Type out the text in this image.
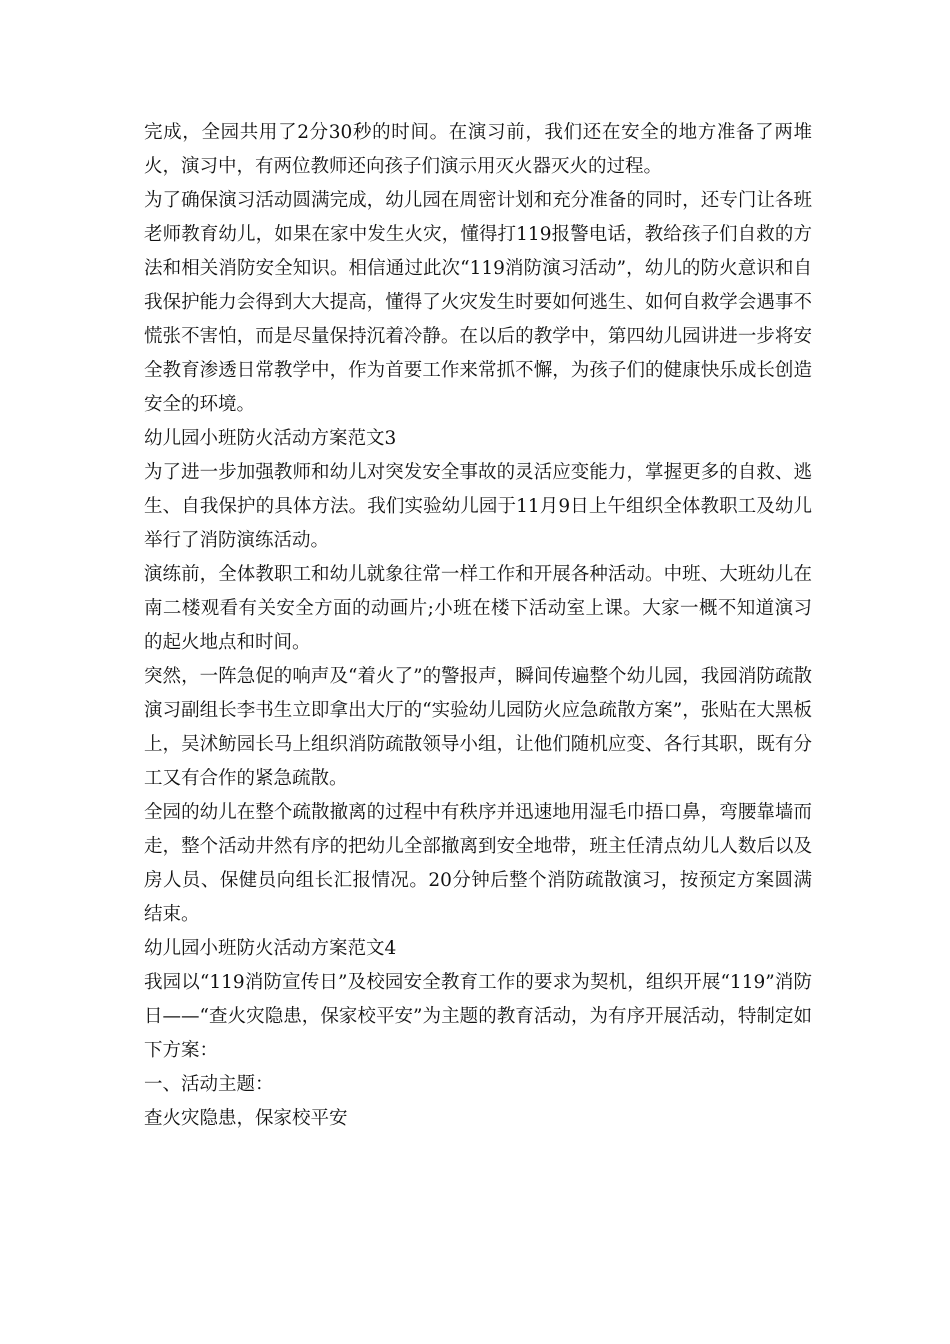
完成，全园共用了2分30秒的时间。在演习前，我们还在安全的地方准备了两堆火，演习中，有两位教师还向孩子们演示用灭火器灭火的过程。

为了确保演习活动圆满完成，幼儿园在周密计划和充分准备的同时，还专门让各班老师教育幼儿，如果在家中发生火灾，懂得打119报警电话，教给孩子们自救的方法和相关消防安全知识。相信通过此次“119消防演习活动”，幼儿的防火意识和自我保护能力会得到大大提高，懂得了火灾发生时要如何逃生、如何自救学会遇事不慌张不害怕，而是尽量保持沉着冷静。在以后的教学中，第四幼儿园讲进一步将安全教育渗透日常教学中，作为首要工作来常抓不懈，为孩子们的健康快乐成长创造安全的环境。

幼儿园小班防火活动方案范文3

为了进一步加强教师和幼儿对突发安全事故的灵活应变能力，掌握更多的自救、逃生、自我保护的具体方法。我们实验幼儿园于11月9日上午组织全体教职工及幼儿举行了消防演练活动。

演练前，全体教职工和幼儿就象往常一样工作和开展各种活动。中班、大班幼儿在南二楼观看有关安全方面的动画片;小班在楼下活动室上课。大家一概不知道演习的起火地点和时间。

突然，一阵急促的响声及“着火了”的警报声，瞬间传遍整个幼儿园，我园消防疏散演习副组长李书生立即拿出大厅的“实验幼儿园防火应急疏散方案”，张贴在大黑板上，吴沭鲂园长马上组织消防疏散领导小组，让他们随机应变、各行其职，既有分工又有合作的紧急疏散。

全园的幼儿在整个疏散撤离的过程中有秩序并迅速地用湿毛巾捂口鼻，弯腰靠墙而走，整个活动井然有序的把幼儿全部撤离到安全地带，班主任清点幼儿人数后以及房人员、保健员向组长汇报情况。20分钟后整个消防疏散演习，按预定方案圆满结束。

幼儿园小班防火活动方案范文4

我园以“119消防宣传日”及校园安全教育工作的要求为契机，组织开展“119”消防日——“查火灾隐患，保家校平安”为主题的教育活动，为有序开展活动，特制定如下方案：

一、活动主题：

查火灾隐患，保家校平安
